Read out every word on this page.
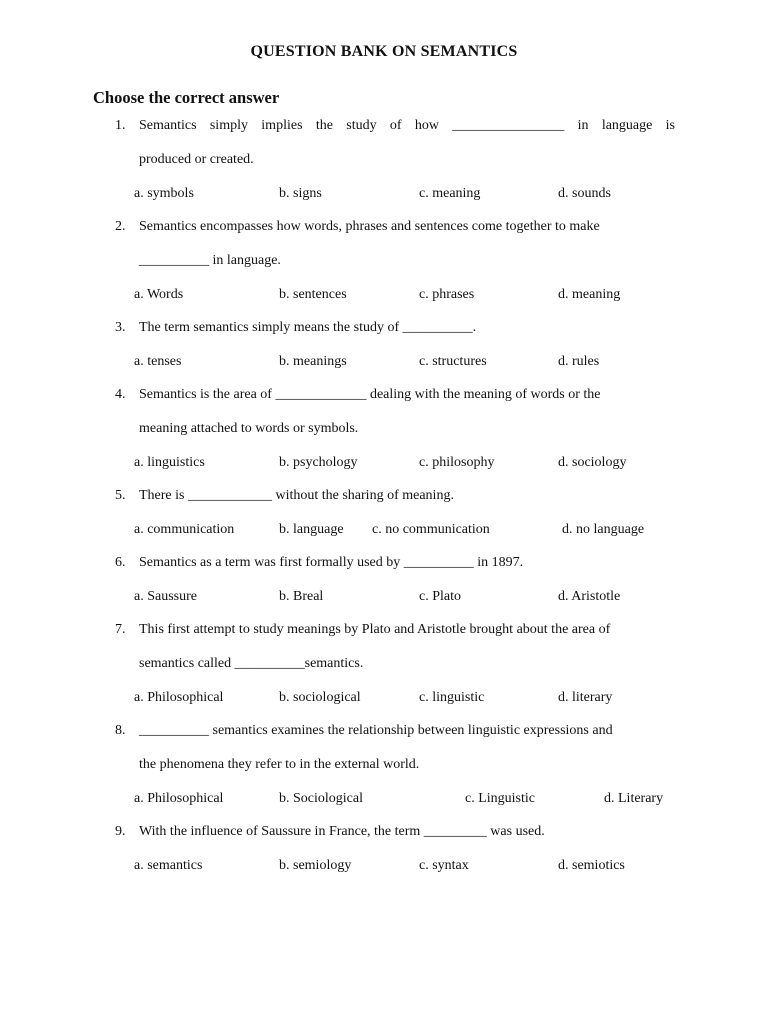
QUESTION BANK ON SEMANTICS
Choose the correct answer
1. Semantics simply implies the study of how ________________ in language is
produced or created.
a. symbols	b. signs	c. meaning	d. sounds
2. Semantics encompasses how words, phrases and sentences come together to make
__________ in language.
a. Words	b. sentences	c. phrases	d. meaning
3. The term semantics simply means the study of __________.
a. tenses	b. meanings	c. structures	d. rules
4. Semantics is the area of _____________ dealing with the meaning of words or the
meaning attached to words or symbols.
a. linguistics	b. psychology	c. philosophy	d. sociology
5. There is ____________ without the sharing of meaning.
a. communication	b. language c. no communication	d. no language
6. Semantics as a term was first formally used by __________ in 1897.
a. Saussure	b. Breal	c. Plato	d. Aristotle
7. This first attempt to study meanings by Plato and Aristotle brought about the area of
semantics called __________semantics.
a. Philosophical	b. sociological	c. linguistic	d. literary
8. __________ semantics examines the relationship between linguistic expressions and
the phenomena they refer to in the external world.
a. Philosophical	b. Sociological	c. Linguistic	d. Literary
9. With the influence of Saussure in France, the term _________ was used.
a. semantics	b. semiology	c. syntax	d. semiotics
